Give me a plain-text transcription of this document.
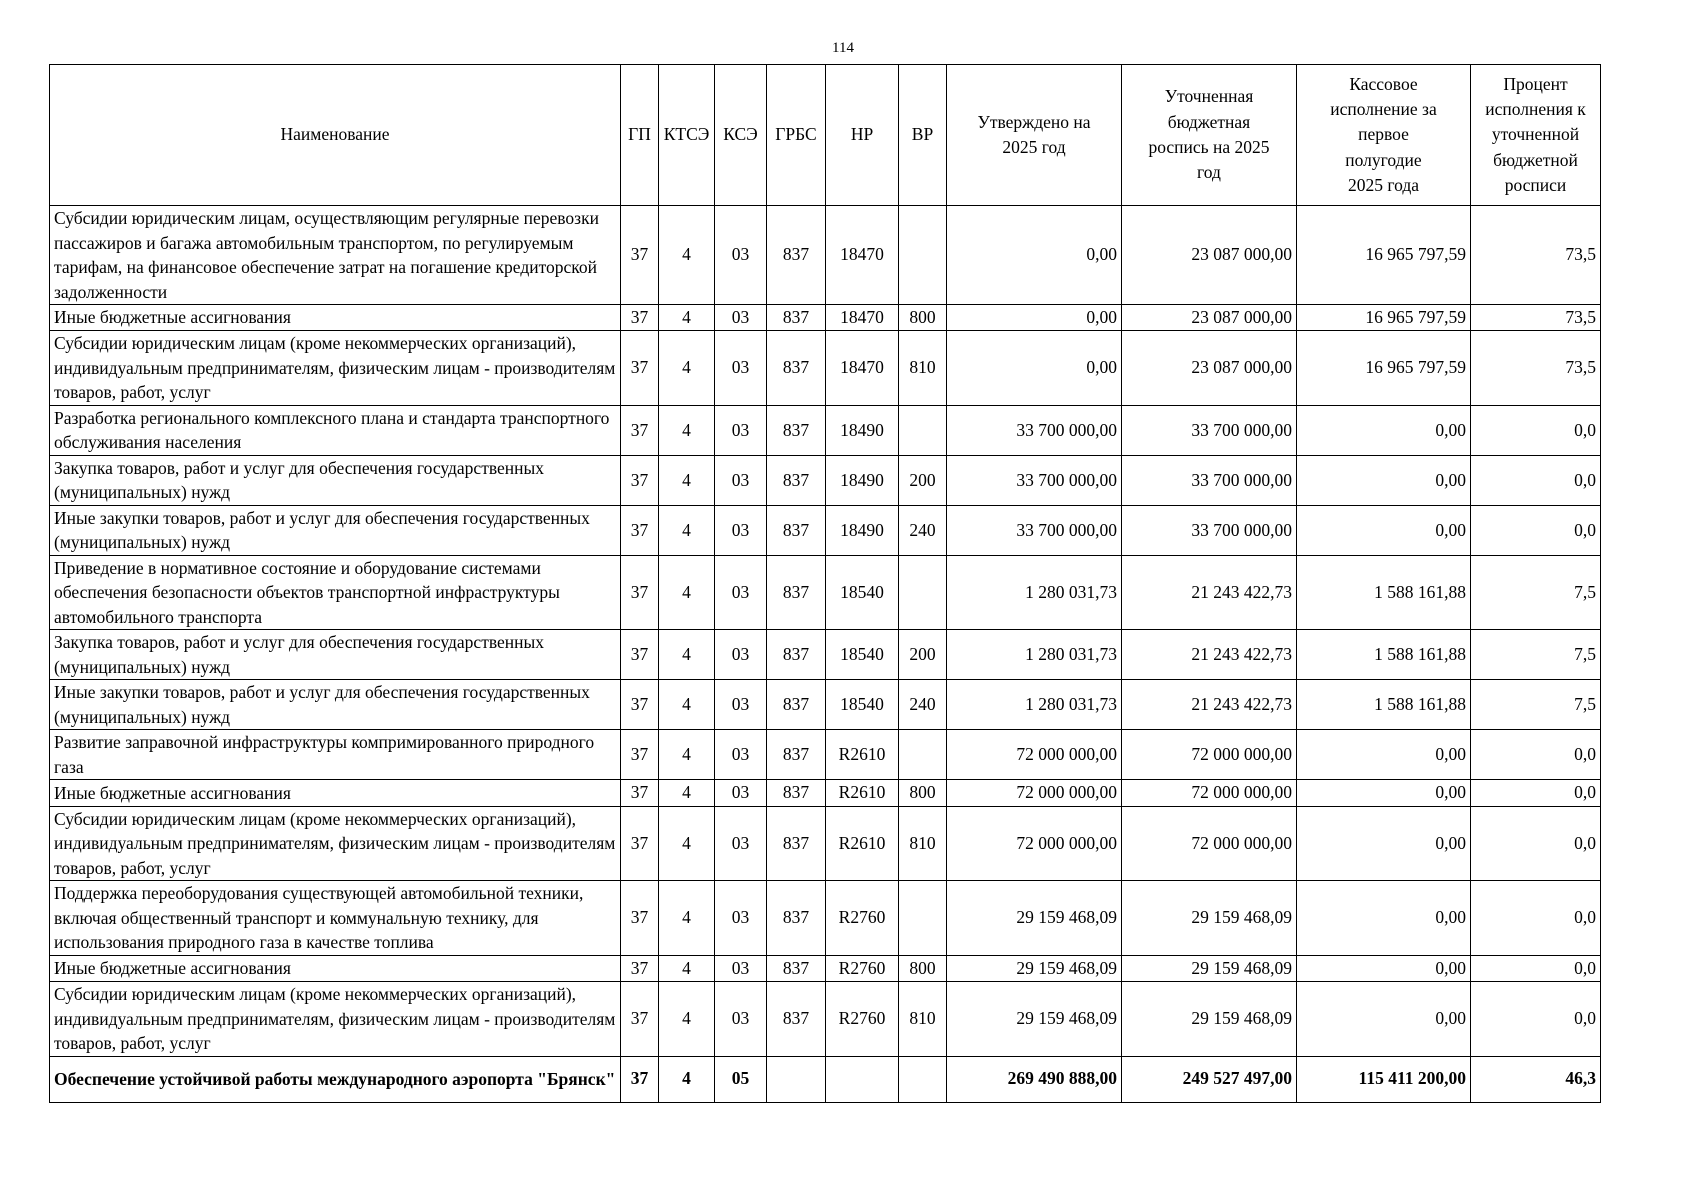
114
Наименование	ГП	КТСЭ	КСЭ	ГРБС	НР	ВР	Утверждено на 2025 год	Уточненная бюджетная роспись на 2025 год	Кассовое исполнение за первое полугодие 2025 года	Процент исполнения к уточненной бюджетной росписи
Субсидии юридическим лицам, осуществляющим регулярные перевозки пассажиров и багажа автомобильным транспортом, по регулируемым тарифам, на финансовое обеспечение затрат на погашение кредиторской задолженности	37	4	03	837	18470		0,00	23 087 000,00	16 965 797,59	73,5
Иные бюджетные ассигнования	37	4	03	837	18470	800	0,00	23 087 000,00	16 965 797,59	73,5
Субсидии юридическим лицам (кроме некоммерческих организаций), индивидуальным предпринимателям, физическим лицам - производителям товаров, работ, услуг	37	4	03	837	18470	810	0,00	23 087 000,00	16 965 797,59	73,5
Разработка регионального комплексного плана и стандарта транспортного обслуживания населения	37	4	03	837	18490		33 700 000,00	33 700 000,00	0,00	0,0
Закупка товаров, работ и услуг для обеспечения государственных (муниципальных) нужд	37	4	03	837	18490	200	33 700 000,00	33 700 000,00	0,00	0,0
Иные закупки товаров, работ и услуг для обеспечения государственных (муниципальных) нужд	37	4	03	837	18490	240	33 700 000,00	33 700 000,00	0,00	0,0
Приведение в нормативное состояние и оборудование системами обеспечения безопасности объектов транспортной инфраструктуры автомобильного транспорта	37	4	03	837	18540		1 280 031,73	21 243 422,73	1 588 161,88	7,5
Закупка товаров, работ и услуг для обеспечения государственных (муниципальных) нужд	37	4	03	837	18540	200	1 280 031,73	21 243 422,73	1 588 161,88	7,5
Иные закупки товаров, работ и услуг для обеспечения государственных (муниципальных) нужд	37	4	03	837	18540	240	1 280 031,73	21 243 422,73	1 588 161,88	7,5
Развитие заправочной инфраструктуры компримированного природного газа	37	4	03	837	R2610		72 000 000,00	72 000 000,00	0,00	0,0
Иные бюджетные ассигнования	37	4	03	837	R2610	800	72 000 000,00	72 000 000,00	0,00	0,0
Субсидии юридическим лицам (кроме некоммерческих организаций), индивидуальным предпринимателям, физическим лицам - производителям товаров, работ, услуг	37	4	03	837	R2610	810	72 000 000,00	72 000 000,00	0,00	0,0
Поддержка переоборудования существующей автомобильной техники, включая общественный транспорт и коммунальную технику, для использования природного газа в качестве топлива	37	4	03	837	R2760		29 159 468,09	29 159 468,09	0,00	0,0
Иные бюджетные ассигнования	37	4	03	837	R2760	800	29 159 468,09	29 159 468,09	0,00	0,0
Субсидии юридическим лицам (кроме некоммерческих организаций), индивидуальным предпринимателям, физическим лицам - производителям товаров, работ, услуг	37	4	03	837	R2760	810	29 159 468,09	29 159 468,09	0,00	0,0
Обеспечение устойчивой работы международного аэропорта "Брянск"	37	4	05				269 490 888,00	249 527 497,00	115 411 200,00	46,3
